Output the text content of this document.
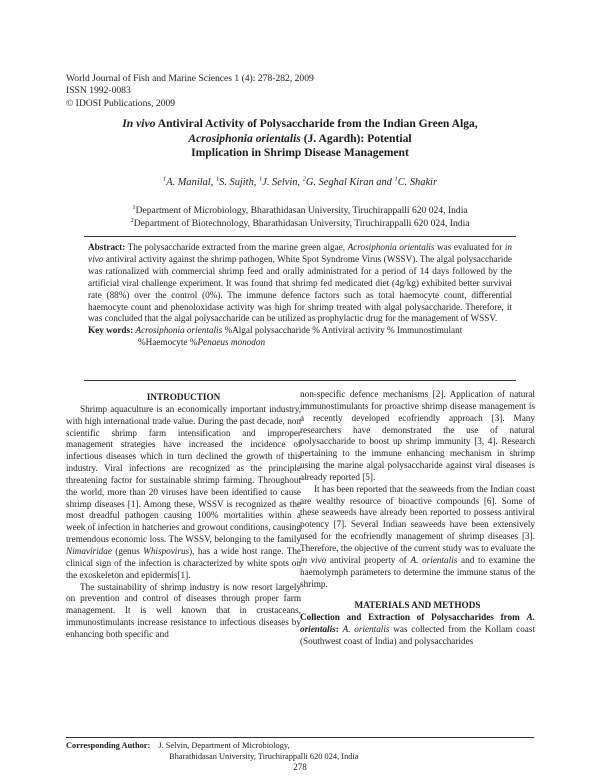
World Journal of Fish and Marine Sciences 1 (4): 278-282, 2009
ISSN 1992-0083
© IDOSI Publications, 2009
In vivo Antiviral Activity of Polysaccharide from the Indian Green Alga,
Acrosiphonia orientalis (J. Agardh): Potential
Implication in Shrimp Disease Management
$^1$A. Manilal, $^1$S. Sujith, $^1$J. Selvin, $^2$G. Seghal Kiran and $^1$C. Shakir
$^1$Department of Microbiology, Bharathidasan University, Tiruchirappalli 620 024, India
$^2$Department of Biotechnology, Bharathidasan University, Tiruchirappalli 620 024, India
Abstract: The polysaccharide extracted from the marine green algae, Acrosiphonia orientalis was evaluated for in vivo antiviral activity against the shrimp pathogen, White Spot Syndrome Virus (WSSV). The algal polysaccharide was rationalized with commercial shrimp feed and orally administrated for a period of 14 days followed by the artificial viral challenge experiment. It was found that shrimp fed medicated diet (4g/kg) exhibited better survival rate (88%) over the control (0%). The immune defence factors such as total haemocyte count, differential haemocyte count and phenoloxidase activity was high for shrimp treated with algal polysaccharide. Therefore, it was concluded that the algal polysaccharide can be utilized as prophylactic drug for the management of WSSV.
Key words: Acrosiphonia orientalis %Algal polysaccharide % Antiviral activity % Immunostimulant
%Haemocyte %Penaeus monodon

INTRODUCTION

Shrimp aquaculture is an economically important industry, with high international trade value. During the past decade, non scientific shrimp farm intensification and improper management strategies have increased the incidence of infectious diseases which in turn declined the growth of this industry. Viral infections are recognized as the principle threatening factor for sustainable shrimp farming. Throughout the world, more than 20 viruses have been identified to cause shrimp diseases [1]. Among these, WSSV is recognized as the most dreadful pathogen causing 100% mortalities within a week of infection in hatcheries and growout conditions, causing tremendous economic loss. The WSSV, belonging to the family Nimaviridae (genus Whispovirus), has a wide host range. The clinical sign of the infection is characterized by white spots on the exoskeleton and epidermis[1].

The sustainability of shrimp industry is now resort largely on prevention and control of diseases through proper farm management. It is well known that in crustaceans, immunostimulants increase resistance to infectious diseases by enhancing both specific and

non-specific defence mechanisms [2]. Application of natural immunostimulants for proactive shrimp disease management is a recently developed ecofriendly approach [3]. Many researchers have demonstrated the use of natural polysaccharide to boost up shrimp immunity [3, 4]. Research pertaining to the immune enhancing mechanism in shrimp using the marine algal polysaccharide against viral diseases is already reported [5].

It has been reported that the seaweeds from the Indian coast are wealthy resource of bioactive compounds [6]. Some of these seaweeds have already been reported to possess antiviral potency [7]. Several Indian seaweeds have been extensively used for the ecofriendly management of shrimp diseases [3]. Therefore, the objective of the current study was to evaluate the in vivo antiviral property of A. orientalis and to examine the haemolymph parameters to determine the immune status of the shrimp.

MATERIALS AND METHODS

Collection and Extraction of Polysaccharides from A. orientalis: A. orientalis was collected from the Kollam coast (Southwest coast of India) and polysaccharides

Corresponding Author: J. Selvin, Department of Microbiology,
Bharathidasan University, Tiruchirappalli 620 024, India
278
